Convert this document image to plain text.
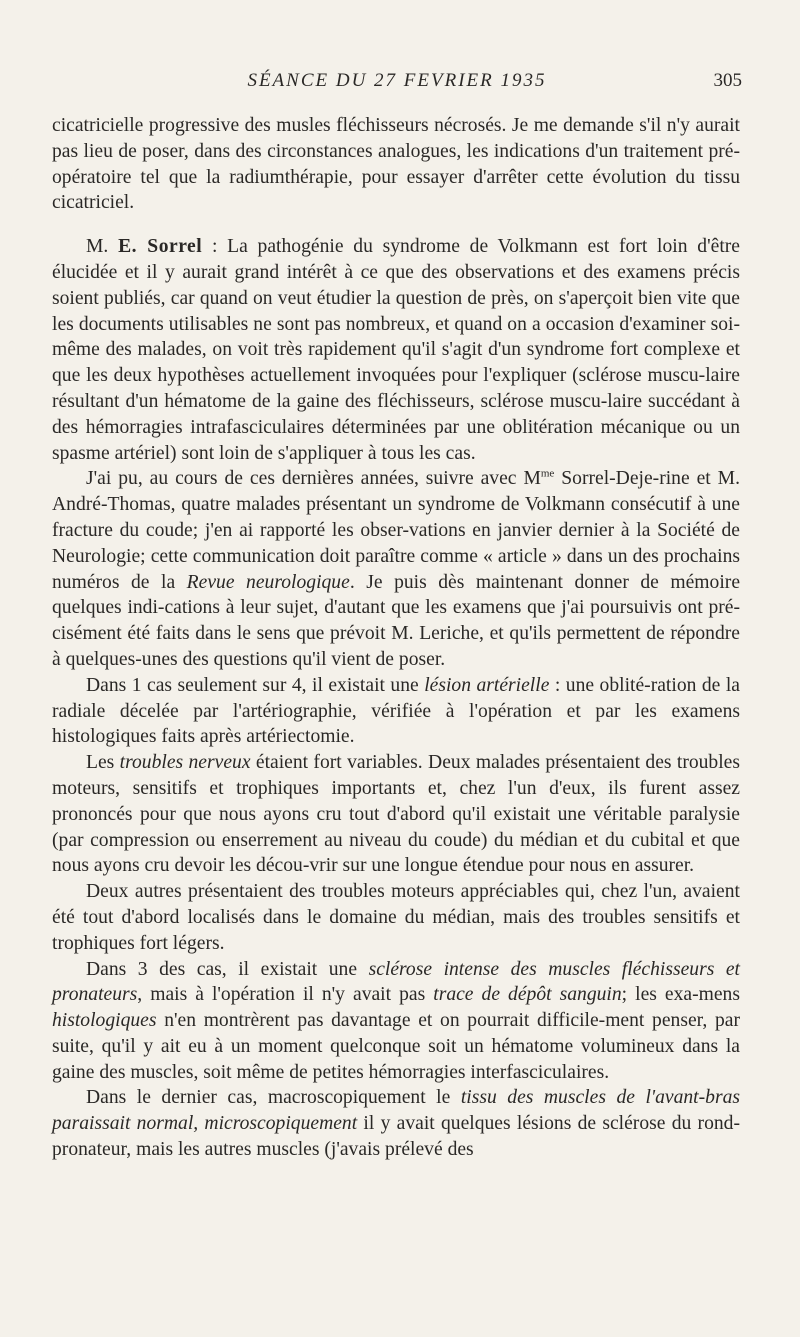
SÉANCE DU 27 FEVRIER 1935	305

cicatricielle progressive des musles fléchisseurs nécrosés. Je me demande s'il n'y aurait pas lieu de poser, dans des circonstances analogues, les indications d'un traitement pré-opératoire tel que la radiumthérapie, pour essayer d'arrêter cette évolution du tissu cicatriciel.

M. E. Sorrel : La pathogénie du syndrome de Volkmann est fort loin d'être élucidée et il y aurait grand intérêt à ce que des observations et des examens précis soient publiés, car quand on veut étudier la question de près, on s'aperçoit bien vite que les documents utilisables ne sont pas nombreux, et quand on a occasion d'examiner soi-même des malades, on voit très rapidement qu'il s'agit d'un syndrome fort complexe et que les deux hypothèses actuellement invoquées pour l'expliquer (sclérose muscu-laire résultant d'un hématome de la gaine des fléchisseurs, sclérose muscu-laire succédant à des hémorragies intrafasciculaires déterminées par une oblitération mécanique ou un spasme artériel) sont loin de s'appliquer à tous les cas.

J'ai pu, au cours de ces dernières années, suivre avec $M^{me}$ Sorrel-Deje-rine et M. André-Thomas, quatre malades présentant un syndrome de Volkmann consécutif à une fracture du coude; j'en ai rapporté les obser-vations en janvier dernier à la Société de Neurologie; cette communication doit paraître comme « article » dans un des prochains numéros de la Revue neurologique. Je puis dès maintenant donner de mémoire quelques indi-cations à leur sujet, d'autant que les examens que j'ai poursuivis ont pré-cisément été faits dans le sens que prévoit M. Leriche, et qu'ils permettent de répondre à quelques-unes des questions qu'il vient de poser.

Dans 1 cas seulement sur 4, il existait une lésion artérielle : une oblité-ration de la radiale décelée par l'artériographie, vérifiée à l'opération et par les examens histologiques faits après artériectomie.

Les troubles nerveux étaient fort variables. Deux malades présentaient des troubles moteurs, sensitifs et trophiques importants et, chez l'un d'eux, ils furent assez prononcés pour que nous ayons cru tout d'abord qu'il existait une véritable paralysie (par compression ou enserrement au niveau du coude) du médian et du cubital et que nous ayons cru devoir les décou-vrir sur une longue étendue pour nous en assurer.

Deux autres présentaient des troubles moteurs appréciables qui, chez l'un, avaient été tout d'abord localisés dans le domaine du médian, mais des troubles sensitifs et trophiques fort légers.

Dans 3 des cas, il existait une sclérose intense des muscles fléchisseurs et pronateurs, mais à l'opération il n'y avait pas trace de dépôt sanguin; les exa-mens histologiques n'en montrèrent pas davantage et on pourrait difficile-ment penser, par suite, qu'il y ait eu à un moment quelconque soit un hématome volumineux dans la gaine des muscles, soit même de petites hémorragies interfasciculaires.

Dans le dernier cas, macroscopiquement le tissu des muscles de l'avant-bras paraissait normal, microscopiquement il y avait quelques lésions de sclérose du rond-pronateur, mais les autres muscles (j'avais prélevé des
